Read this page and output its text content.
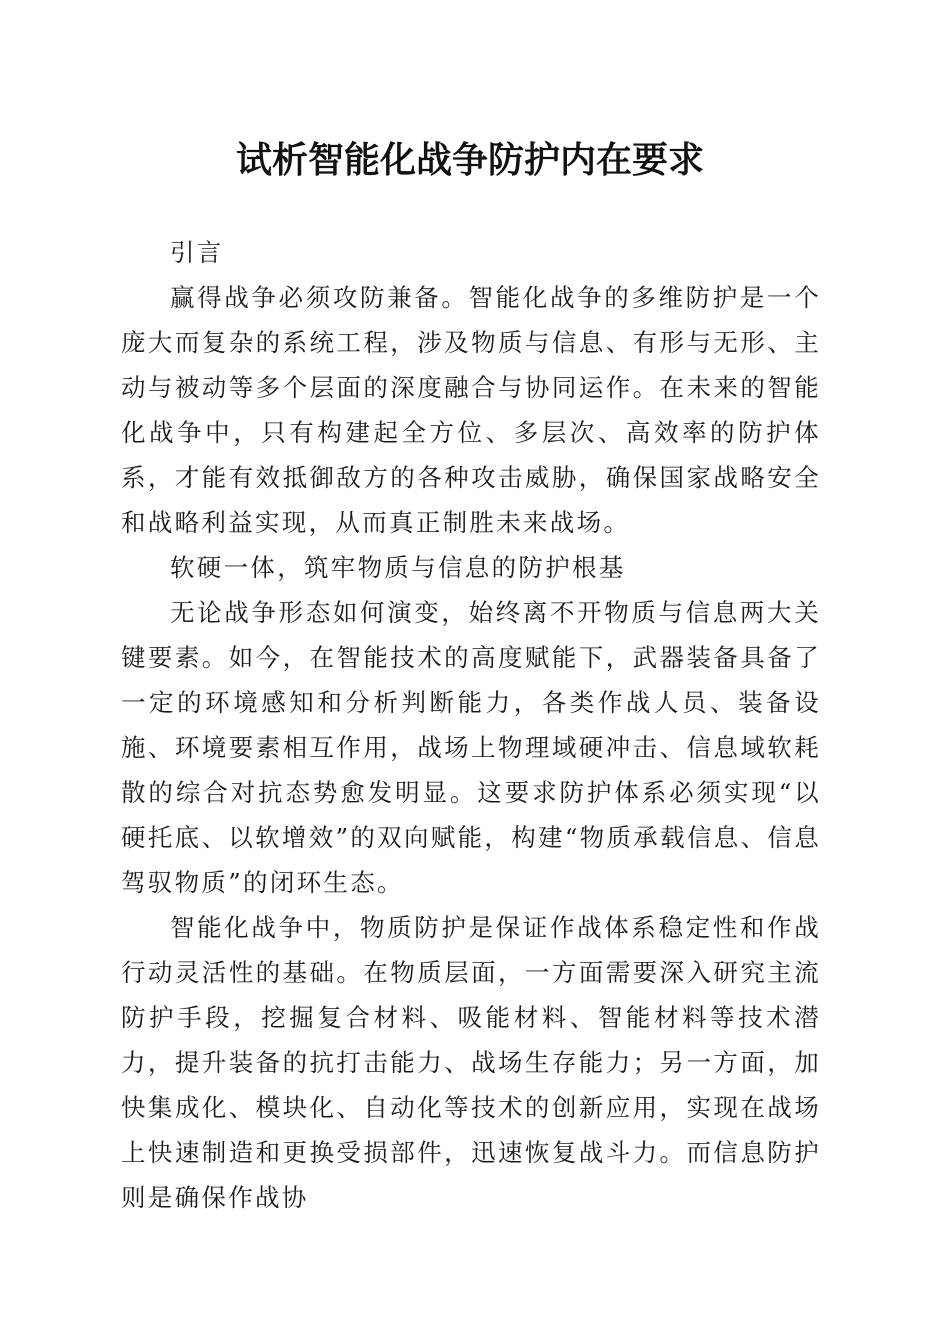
试析智能化战争防护内在要求

引言

赢得战争必须攻防兼备。智能化战争的多维防护是一个庞大而复杂的系统工程，涉及物质与信息、有形与无形、主动与被动等多个层面的深度融合与协同运作。在未来的智能化战争中，只有构建起全方位、多层次、高效率的防护体系，才能有效抵御敌方的各种攻击威胁，确保国家战略安全和战略利益实现，从而真正制胜未来战场。

软硬一体，筑牢物质与信息的防护根基

无论战争形态如何演变，始终离不开物质与信息两大关键要素。如今，在智能技术的高度赋能下，武器装备具备了一定的环境感知和分析判断能力，各类作战人员、装备设施、环境要素相互作用，战场上物理域硬冲击、信息域软耗散的综合对抗态势愈发明显。这要求防护体系必须实现“以硬托底、以软增效”的双向赋能，构建“物质承载信息、信息驾驭物质”的闭环生态。

智能化战争中，物质防护是保证作战体系稳定性和作战行动灵活性的基础。在物质层面，一方面需要深入研究主流防护手段，挖掘复合材料、吸能材料、智能材料等技术潜力，提升装备的抗打击能力、战场生存能力；另一方面，加快集成化、模块化、自动化等技术的创新应用，实现在战场上快速制造和更换受损部件，迅速恢复战斗力。而信息防护则是确保作战协
